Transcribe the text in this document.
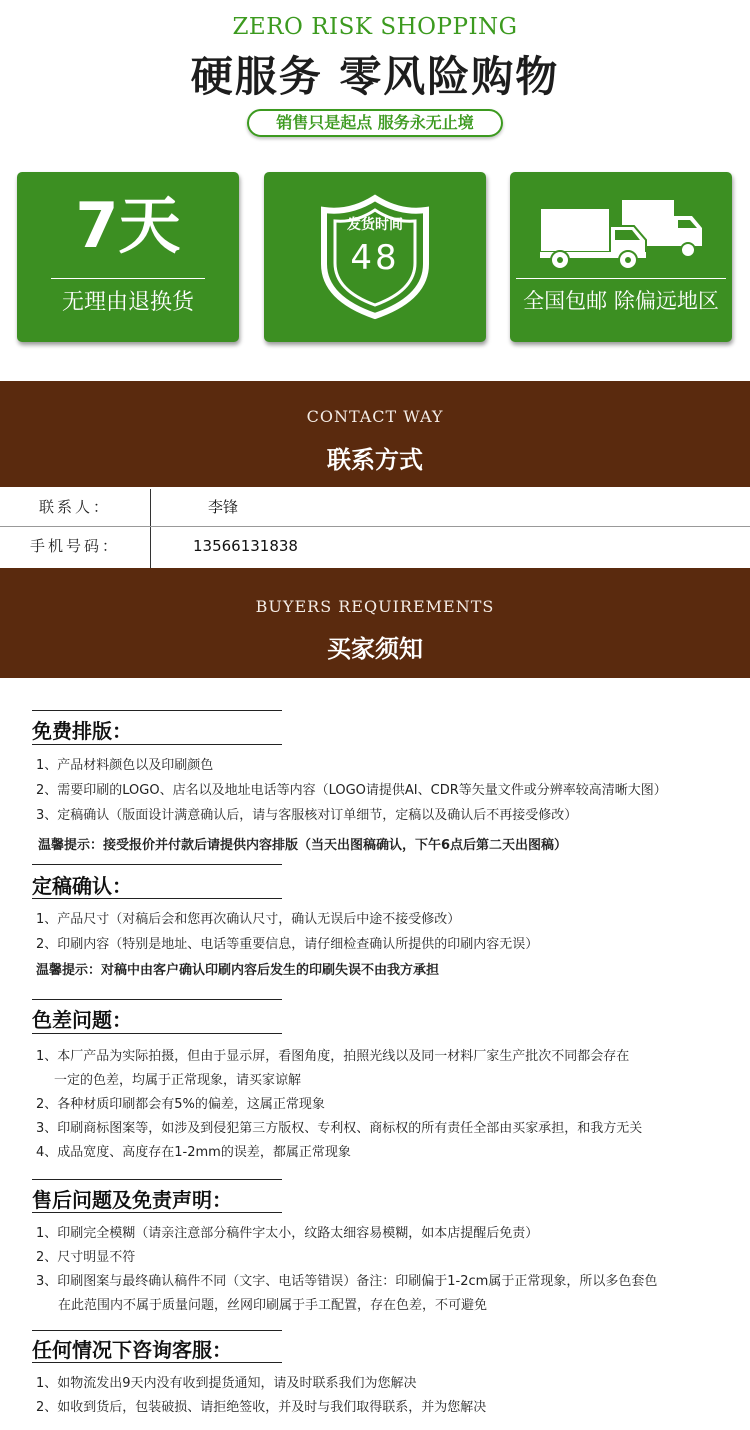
ZERO RISK SHOPPING
硬服务 零风险购物
销售只是起点 服务永无止境
7天
无理由退换货
发货时间
48
全国包邮 除偏远地区
CONTACT WAY
联系方式
联系人：	李锋
手机号码：	13566131838
BUYERS REQUIREMENTS
买家须知
免费排版：
1、产品材料颜色以及印刷颜色
2、需要印刷的LOGO、店名以及地址电话等内容（LOGO请提供AI、CDR等矢量文件或分辨率较高清晰大图）
3、定稿确认（版面设计满意确认后，请与客服核对订单细节，定稿以及确认后不再接受修改）
温馨提示：接受报价并付款后请提供内容排版（当天出图稿确认，下午6点后第二天出图稿）
定稿确认：
1、产品尺寸（对稿后会和您再次确认尺寸，确认无误后中途不接受修改）
2、印刷内容（特别是地址、电话等重要信息，请仔细检查确认所提供的印刷内容无误）
温馨提示：对稿中由客户确认印刷内容后发生的印刷失误不由我方承担
色差问题：
1、本厂产品为实际拍摄，但由于显示屏，看图角度，拍照光线以及同一材料厂家生产批次不同都会存在
一定的色差，均属于正常现象，请买家谅解
2、各种材质印刷都会有5%的偏差，这属正常现象
3、印刷商标图案等，如涉及到侵犯第三方版权、专利权、商标权的所有责任全部由买家承担，和我方无关
4、成品宽度、高度存在1-2mm的误差，都属正常现象
售后问题及免责声明：
1、印刷完全模糊（请亲注意部分稿件字太小，纹路太细容易模糊，如本店提醒后免责）
2、尺寸明显不符
3、印刷图案与最终确认稿件不同（文字、电话等错误）备注：印刷偏于1-2cm属于正常现象，所以多色套色
在此范围内不属于质量问题，丝网印刷属于手工配置，存在色差，不可避免
任何情况下咨询客服：
1、如物流发出9天内没有收到提货通知，请及时联系我们为您解决
2、如收到货后，包装破损、请拒绝签收，并及时与我们取得联系，并为您解决
